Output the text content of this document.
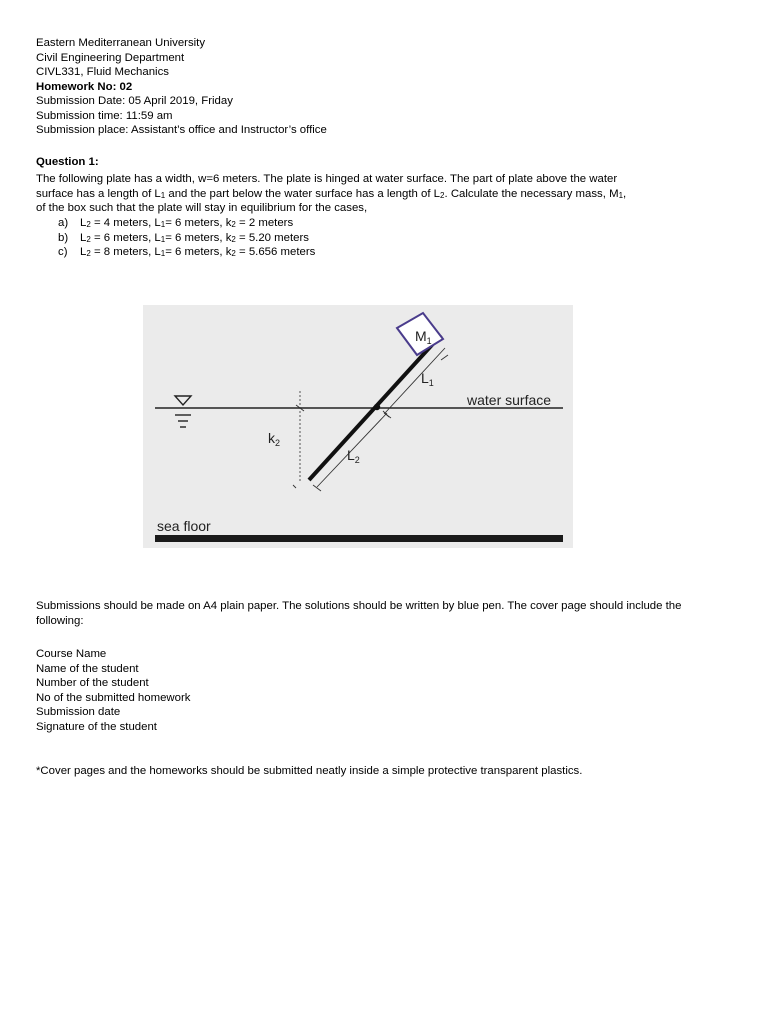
Eastern Mediterranean University
Civil Engineering Department
CIVL331, Fluid Mechanics
Homework No: 02
Submission Date: 05 April 2019, Friday
Submission time: 11:59 am
Submission place: Assistant’s office and Instructor’s office
Question 1:
The following plate has a width, w=6 meters. The plate is hinged at water surface. The part of plate above the water
surface has a length of $L_1$ and the part below the water surface has a length of $L_2$. Calculate the necessary mass, $M_1$,
of the box such that the plate will stay in equilibrium for the cases,
a) $L_2 = 4$ meters, $L_1= 6$ meters, $k_2 = 2$ meters
b) $L_2 = 6$ meters, $L_1= 6$ meters, $k_2 = 5.20$ meters
c) $L_2 = 8$ meters, $L_1= 6$ meters, $k_2 = 5.656$ meters
$M_1$
$L_1$
$L_2$
$k_2$
water surface
sea floor
Submissions should be made on A4 plain paper. The solutions should be written by blue pen. The cover page should include the following:
Course Name
Name of the student
Number of the student
No of the submitted homework
Submission date
Signature of the student
*Cover pages and the homeworks should be submitted neatly inside a simple protective transparent plastics.
